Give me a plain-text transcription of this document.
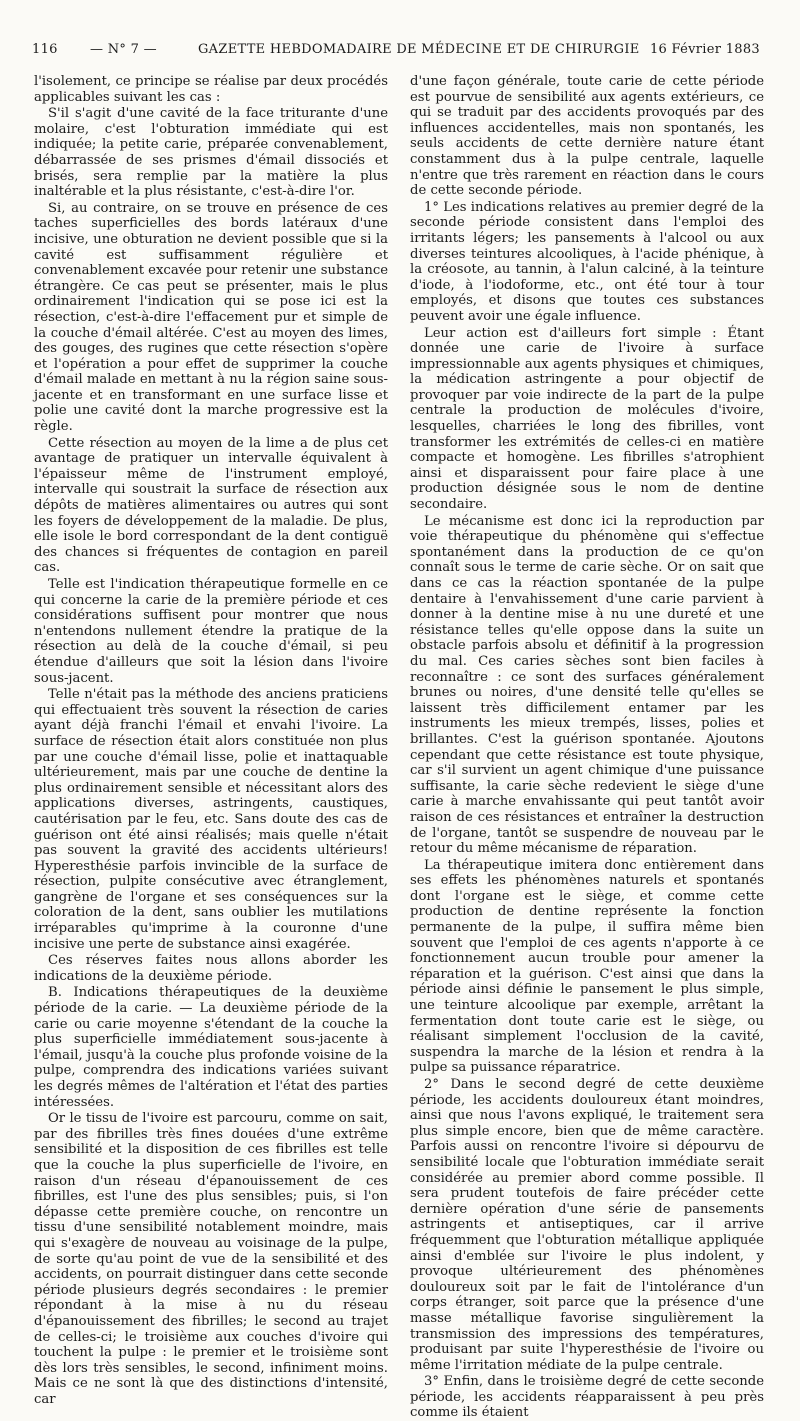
116 — N° 7 —	GAZETTE HEBDOMADAIRE DE MÉDECINE ET DE CHIRURGIE 16 Février 1883

l'isolement, ce principe se réalise par deux procédés applicables suivant les cas :

S'il s'agit d'une cavité de la face triturante d'une molaire, c'est l'obturation immédiate qui est indiquée; la petite carie, préparée convenablement, débarrassée de ses prismes d'émail dissociés et brisés, sera remplie par la matière la plus inaltérable et la plus résistante, c'est-à-dire l'or.

Si, au contraire, on se trouve en présence de ces taches superficielles des bords latéraux d'une incisive, une obturation ne devient possible que si la cavité est suffisamment régulière et convenablement excavée pour retenir une substance étrangère. Ce cas peut se présenter, mais le plus ordinairement l'indication qui se pose ici est la résection, c'est-à-dire l'effacement pur et simple de la couche d'émail altérée. C'est au moyen des limes, des gouges, des rugines que cette résection s'opère et l'opération a pour effet de supprimer la couche d'émail malade en mettant à nu la région saine sous-jacente et en transformant en une surface lisse et polie une cavité dont la marche progressive est la règle.

Cette résection au moyen de la lime a de plus cet avantage de pratiquer un intervalle équivalent à l'épaisseur même de l'instrument employé, intervalle qui soustrait la surface de résection aux dépôts de matières alimentaires ou autres qui sont les foyers de développement de la maladie. De plus, elle isole le bord correspondant de la dent contiguë des chances si fréquentes de contagion en pareil cas.

Telle est l'indication thérapeutique formelle en ce qui concerne la carie de la première période et ces considérations suffisent pour montrer que nous n'entendons nullement étendre la pratique de la résection au delà de la couche d'émail, si peu étendue d'ailleurs que soit la lésion dans l'ivoire sous-jacent.

Telle n'était pas la méthode des anciens praticiens qui effectuaient très souvent la résection de caries ayant déjà franchi l'émail et envahi l'ivoire. La surface de résection était alors constituée non plus par une couche d'émail lisse, polie et inattaquable ultérieurement, mais par une couche de dentine la plus ordinairement sensible et nécessitant alors des applications diverses, astringents, caustiques, cautérisation par le feu, etc. Sans doute des cas de guérison ont été ainsi réalisés; mais quelle n'était pas souvent la gravité des accidents ultérieurs! Hyperesthésie parfois invincible de la surface de résection, pulpite consécutive avec étranglement, gangrène de l'organe et ses conséquences sur la coloration de la dent, sans oublier les mutilations irréparables qu'imprime à la couronne d'une incisive une perte de substance ainsi exagérée.

Ces réserves faites nous allons aborder les indications de la deuxième période.

B. Indications thérapeutiques de la deuxième période de la carie. — La deuxième période de la carie ou carie moyenne s'étendant de la couche la plus superficielle immédiatement sous-jacente à l'émail, jusqu'à la couche plus profonde voisine de la pulpe, comprendra des indications variées suivant les degrés mêmes de l'altération et l'état des parties intéressées.

Or le tissu de l'ivoire est parcouru, comme on sait, par des fibrilles très fines douées d'une extrême sensibilité et la disposition de ces fibrilles est telle que la couche la plus superficielle de l'ivoire, en raison d'un réseau d'épanouissement de ces fibrilles, est l'une des plus sensibles; puis, si l'on dépasse cette première couche, on rencontre un tissu d'une sensibilité notablement moindre, mais qui s'exagère de nouveau au voisinage de la pulpe, de sorte qu'au point de vue de la sensibilité et des accidents, on pourrait distinguer dans cette seconde période plusieurs degrés secondaires : le premier répondant à la mise à nu du réseau d'épanouissement des fibrilles; le second au trajet de celles-ci; le troisième aux couches d'ivoire qui touchent la pulpe : le premier et le troisième sont dès lors très sensibles, le second, infiniment moins. Mais ce ne sont là que des distinctions d'intensité, car

d'une façon générale, toute carie de cette période est pourvue de sensibilité aux agents extérieurs, ce qui se traduit par des accidents provoqués par des influences accidentelles, mais non spontanés, les seuls accidents de cette dernière nature étant constamment dus à la pulpe centrale, laquelle n'entre que très rarement en réaction dans le cours de cette seconde période.

1° Les indications relatives au premier degré de la seconde période consistent dans l'emploi des irritants légers; les pansements à l'alcool ou aux diverses teintures alcooliques, à l'acide phénique, à la créosote, au tannin, à l'alun calciné, à la teinture d'iode, à l'iodoforme, etc., ont été tour à tour employés, et disons que toutes ces substances peuvent avoir une égale influence.

Leur action est d'ailleurs fort simple : Étant donnée une carie de l'ivoire à surface impressionnable aux agents physiques et chimiques, la médication astringente a pour objectif de provoquer par voie indirecte de la part de la pulpe centrale la production de molécules d'ivoire, lesquelles, charriées le long des fibrilles, vont transformer les extrémités de celles-ci en matière compacte et homogène. Les fibrilles s'atrophient ainsi et disparaissent pour faire place à une production désignée sous le nom de dentine secondaire.

Le mécanisme est donc ici la reproduction par voie thérapeutique du phénomène qui s'effectue spontanément dans la production de ce qu'on connaît sous le terme de carie sèche. Or on sait que dans ce cas la réaction spontanée de la pulpe dentaire à l'envahissement d'une carie parvient à donner à la dentine mise à nu une dureté et une résistance telles qu'elle oppose dans la suite un obstacle parfois absolu et définitif à la progression du mal. Ces caries sèches sont bien faciles à reconnaître : ce sont des surfaces généralement brunes ou noires, d'une densité telle qu'elles se laissent très difficilement entamer par les instruments les mieux trempés, lisses, polies et brillantes. C'est la guérison spontanée. Ajoutons cependant que cette résistance est toute physique, car s'il survient un agent chimique d'une puissance suffisante, la carie sèche redevient le siège d'une carie à marche envahissante qui peut tantôt avoir raison de ces résistances et entraîner la destruction de l'organe, tantôt se suspendre de nouveau par le retour du même mécanisme de réparation.

La thérapeutique imitera donc entièrement dans ses effets les phénomènes naturels et spontanés dont l'organe est le siège, et comme cette production de dentine représente la fonction permanente de la pulpe, il suffira même bien souvent que l'emploi de ces agents n'apporte à ce fonctionnement aucun trouble pour amener la réparation et la guérison. C'est ainsi que dans la période ainsi définie le pansement le plus simple, une teinture alcoolique par exemple, arrêtant la fermentation dont toute carie est le siège, ou réalisant simplement l'occlusion de la cavité, suspendra la marche de la lésion et rendra à la pulpe sa puissance réparatrice.

2° Dans le second degré de cette deuxième période, les accidents douloureux étant moindres, ainsi que nous l'avons expliqué, le traitement sera plus simple encore, bien que de même caractère. Parfois aussi on rencontre l'ivoire si dépourvu de sensibilité locale que l'obturation immédiate serait considérée au premier abord comme possible. Il sera prudent toutefois de faire précéder cette dernière opération d'une série de pansements astringents et antiseptiques, car il arrive fréquemment que l'obturation métallique appliquée ainsi d'emblée sur l'ivoire le plus indolent, y provoque ultérieurement des phénomènes douloureux soit par le fait de l'intolérance d'un corps étranger, soit parce que la présence d'une masse métallique favorise singulièrement la transmission des impressions des températures, produisant par suite l'hyperesthésie de l'ivoire ou même l'irritation médiate de la pulpe centrale.

3° Enfin, dans le troisième degré de cette seconde période, les accidents réapparaissent à peu près comme ils étaient
